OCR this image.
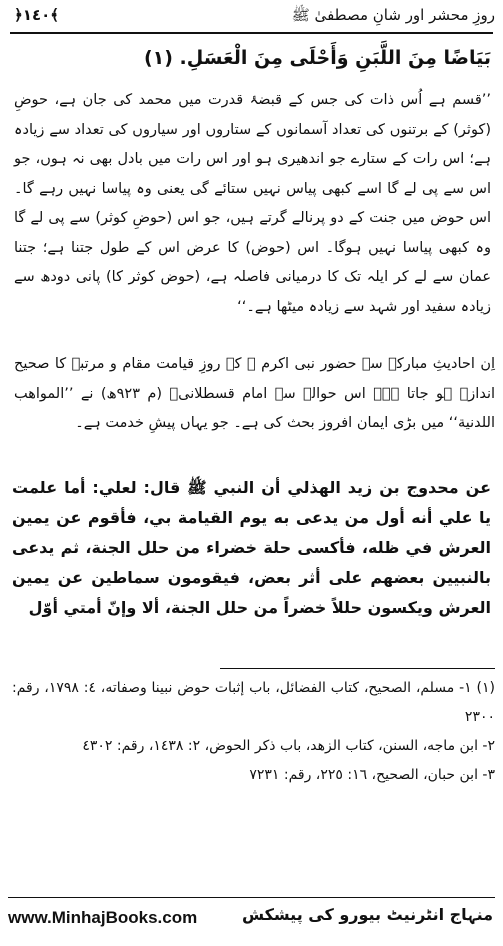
﴿١٤٠﴾	روزِ محشر اور شانِ مصطفیٰ ﷺ

بَيَاضًا مِنَ اللَّبَنِ وَأَحْلَى مِنَ الْعَسَلِ. (١)

’’قسم ہے اُس ذات کی جس کے قبضۂ قدرت میں محمد کی جان ہے، حوضِ (کوثر) کے برتنوں کی تعداد آسمانوں کے ستاروں اور سیاروں کی تعداد سے زیادہ ہے؛ اس رات کے ستارے جو اندھیری ہو اور اس رات میں بادل بھی نہ ہوں، جو اس سے پی لے گا اسے کبھی پیاس نہیں ستائے گی یعنی وہ پیاسا نہیں رہے گا۔ اس حوض میں جنت کے دو پرنالے گرتے ہیں، جو اس (حوضِ کوثر) سے پی لے گا وہ کبھی پیاسا نہیں ہوگا۔ اس (حوض) کا عرض اس کے طول جتنا ہے؛ جتنا عمان سے لے کر ایلہ تک کا درمیانی فاصلہ ہے، (حوض کوثر کا) پانی دودھ سے زیادہ سفید اور شہد سے زیادہ میٹھا ہے۔‘‘

اِن احادیثِ مبارکہ سے حضور نبی اکرم ﷺ کے روزِ قیامت مقام و مرتبہ کا صحیح اندازہ ہو جاتا ہے۔ اس حوالے سے امام قسطلانیؒ (م ٩٢٣ھ) نے ’’المواهب اللدنية‘‘ میں بڑی ایمان افروز بحث کی ہے۔ جو یہاں پیشِ خدمت ہے۔

عن محدوج بن زيد الهذلي أن النبي ﷺ قال: لعلي: أما علمت يا علي أنه أول من يدعى به يوم القيامة بي، فأقوم عن يمين العرش في ظله، فأكسى حلة خضراء من حلل الجنة، ثم يدعى بالنبيين بعضهم على أثر بعض، فيقومون سماطين عن يمين العرش ويكسون حللاً خضراً من حلل الجنة، ألا وإنّ أمتي أوّل

(١) ١- مسلم، الصحيح، كتاب الفضائل، باب إثبات حوض نبينا وصفاته، ٤: ١٧٩٨، رقم: ٢٣٠٠

٢- ابن ماجه، السنن، كتاب الزهد، باب ذكر الحوض، ٢: ١٤٣٨، رقم: ٤٣٠٢

٣- ابن حبان، الصحيح، ١٦: ٢٢٥، رقم: ٧٢٣١

www.MinhajBooks.com	منہاج انٹرنیٹ بیورو کی پیشکش
